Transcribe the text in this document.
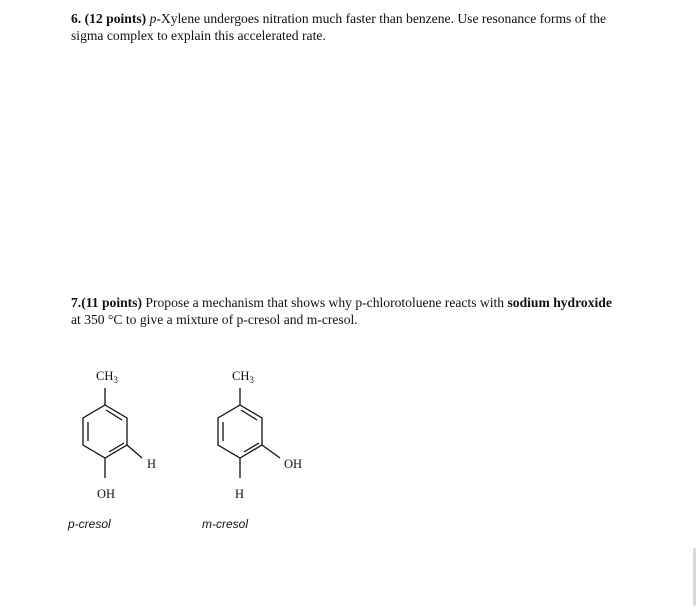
6. (12 points) p-Xylene undergoes nitration much faster than benzene. Use resonance forms of the
sigma complex to explain this accelerated rate.
7.(11 points) Propose a mechanism that shows why p-chlorotoluene reacts with sodium hydroxide
at 350 °C to give a mixture of p-cresol and m-cresol.
$CH_3$
H
OH
p-cresol
$CH_3$
OH
H
m-cresol
